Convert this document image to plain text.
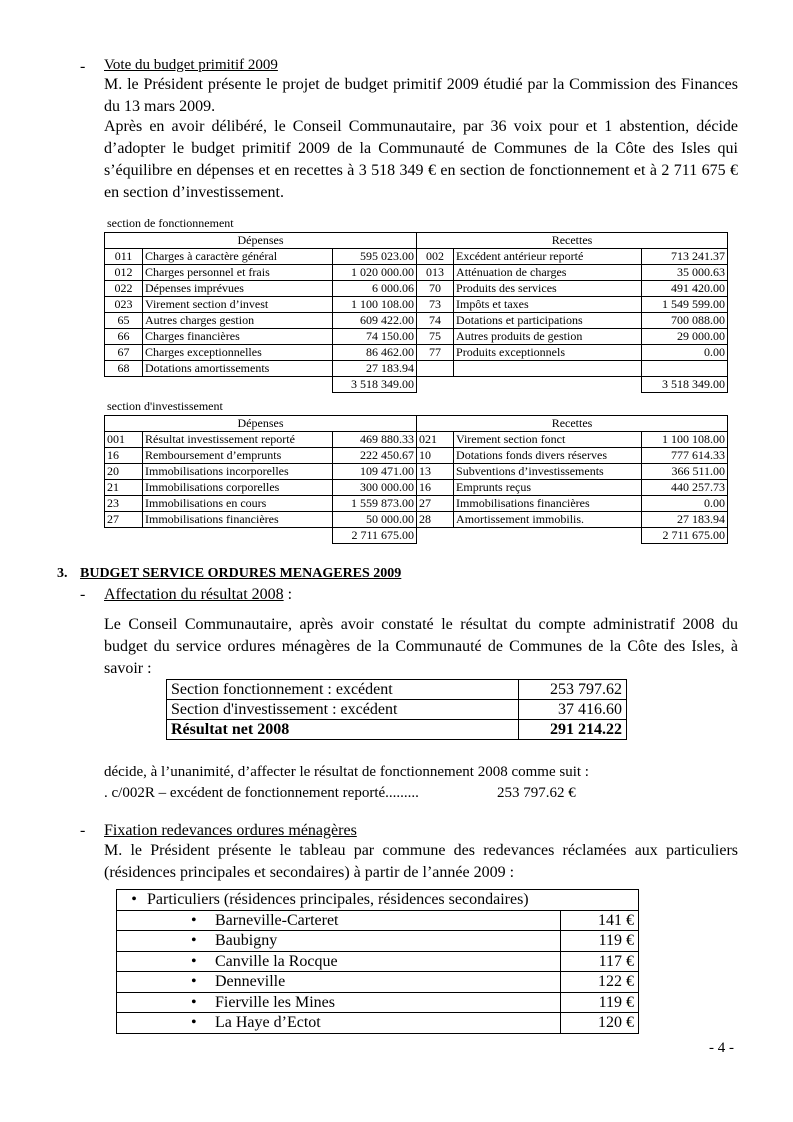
- Vote du budget primitif 2009
M. le Président présente le projet de budget primitif 2009 étudié par la Commission des Finances du 13 mars 2009.
Après en avoir délibéré, le Conseil Communautaire, par 36 voix pour et 1 abstention, décide d’adopter le budget primitif 2009 de la Communauté de Communes de la Côte des Isles qui s’équilibre en dépenses et en recettes à 3 518 349 € en section de fonctionnement et à 2 711 675 € en section d’investissement.
section de fonctionnement
Dépenses			Recettes		
011	Charges à caractère général	595 023.00	002	Excédent antérieur reporté	713 241.37
012	Charges personnel et frais	1 020 000.00	013	Atténuation de charges	35 000.63
022	Dépenses imprévues	6 000.06	70	Produits des services	491 420.00
023	Virement section d’invest	1 100 108.00	73	Impôts et taxes	1 549 599.00
65	Autres charges gestion	609 422.00	74	Dotations et participations	700 088.00
66	Charges financières	74 150.00	75	Autres produits de gestion	29 000.00
67	Charges exceptionnelles	86 462.00	77	Produits exceptionnels	0.00
68	Dotations amortissements	27 183.94			
		3 518 349.00			3 518 349.00
section d'investissement
Dépenses			Recettes		
001	Résultat investissement reporté	469 880.33	021	Virement section fonct	1 100 108.00
16	Remboursement d’emprunts	222 450.67	10	Dotations fonds divers réserves	777 614.33
20	Immobilisations incorporelles	109 471.00	13	Subventions d’investissements	366 511.00
21	Immobilisations corporelles	300 000.00	16	Emprunts reçus	440 257.73
23	Immobilisations en cours	1 559 873.00	27	Immobilisations financières	0.00
27	Immobilisations financières	50 000.00	28	Amortissement immobilis.	27 183.94
		2 711 675.00			2 711 675.00
3. BUDGET SERVICE ORDURES MENAGERES 2009
- Affectation du résultat 2008 :
Le Conseil Communautaire, après avoir constaté le résultat du compte administratif 2008 du budget du service ordures ménagères de la Communauté de Communes de la Côte des Isles, à savoir :
Section fonctionnement : excédent	253 797.62
Section d'investissement : excédent	37 416.60
Résultat net 2008	291 214.22
décide, à l’unanimité, d’affecter le résultat de fonctionnement 2008 comme suit :
. c/002R – excédent de fonctionnement reporté.........	253 797.62 €
- Fixation redevances ordures ménagères
M. le Président présente le tableau par commune des redevances réclamées aux particuliers (résidences principales et secondaires) à partir de l’année 2009 :
• Particuliers (résidences principales, résidences secondaires)	
• Barneville-Carteret	141 €
• Baubigny	119 €
• Canville la Rocque	117 €
• Denneville	122 €
• Fierville les Mines	119 €
• La Haye d’Ectot	120 €
- 4 -
